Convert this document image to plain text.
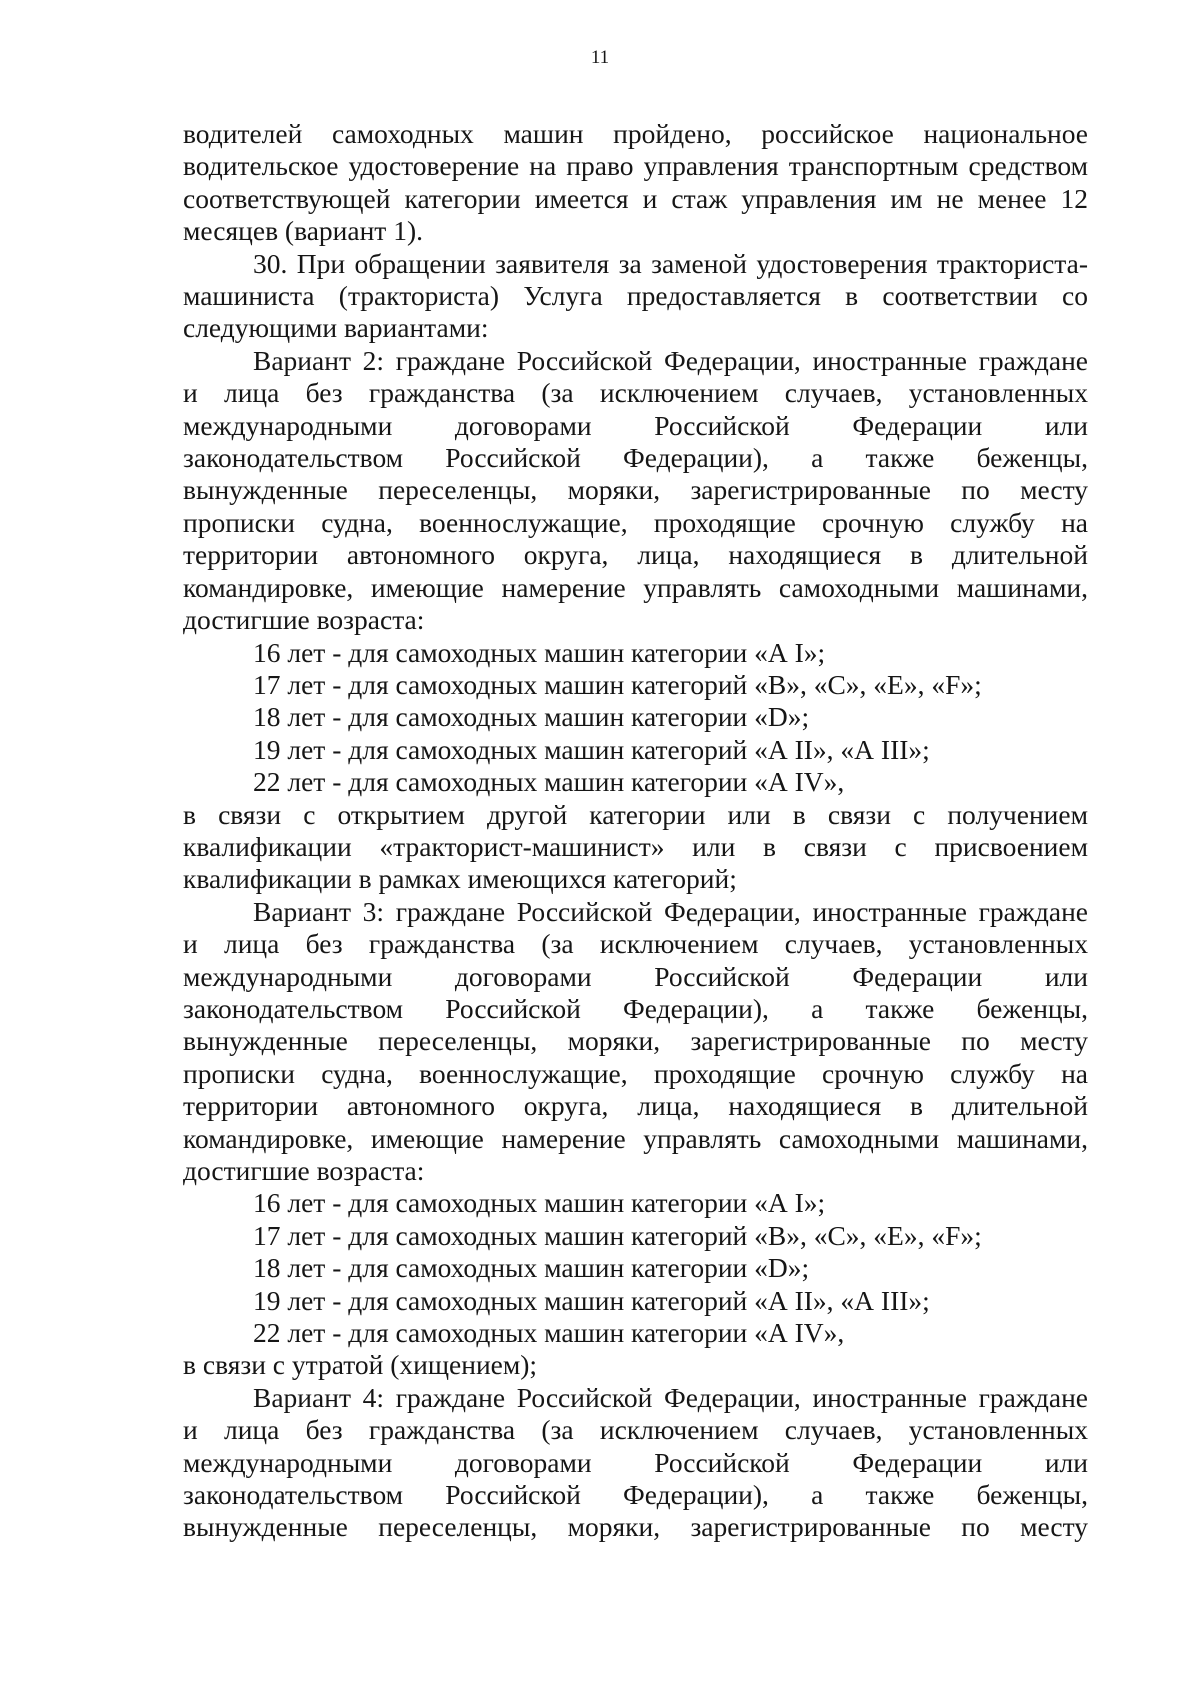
11
водителей самоходных машин пройдено, российское национальное
водительское удостоверение на право управления транспортным средством
соответствующей категории имеется и стаж управления им не менее 12
месяцев (вариант 1).
30. При обращении заявителя за заменой удостоверения тракториста-
машиниста (тракториста) Услуга предоставляется в соответствии со
следующими вариантами:
Вариант 2: граждане Российской Федерации, иностранные граждане
и лица без гражданства (за исключением случаев, установленных
международными договорами Российской Федерации или
законодательством Российской Федерации), а также беженцы,
вынужденные переселенцы, моряки, зарегистрированные по месту
прописки судна, военнослужащие, проходящие срочную службу на
территории автономного округа, лица, находящиеся в длительной
командировке, имеющие намерение управлять самоходными машинами,
достигшие возраста:
16 лет - для самоходных машин категории «А I»;
17 лет - для самоходных машин категорий «В», «С», «Е», «F»;
18 лет - для самоходных машин категории «D»;
19 лет - для самоходных машин категорий «А II», «А III»;
22 лет - для самоходных машин категории «А IV»,
в связи с открытием другой категории или в связи с получением
квалификации «тракторист-машинист» или в связи с присвоением
квалификации в рамках имеющихся категорий;
Вариант 3: граждане Российской Федерации, иностранные граждане
и лица без гражданства (за исключением случаев, установленных
международными договорами Российской Федерации или
законодательством Российской Федерации), а также беженцы,
вынужденные переселенцы, моряки, зарегистрированные по месту
прописки судна, военнослужащие, проходящие срочную службу на
территории автономного округа, лица, находящиеся в длительной
командировке, имеющие намерение управлять самоходными машинами,
достигшие возраста:
16 лет - для самоходных машин категории «А I»;
17 лет - для самоходных машин категорий «В», «С», «Е», «F»;
18 лет - для самоходных машин категории «D»;
19 лет - для самоходных машин категорий «А II», «А III»;
22 лет - для самоходных машин категории «А IV»,
в связи с утратой (хищением);
Вариант 4: граждане Российской Федерации, иностранные граждане
и лица без гражданства (за исключением случаев, установленных
международными договорами Российской Федерации или
законодательством Российской Федерации), а также беженцы,
вынужденные переселенцы, моряки, зарегистрированные по месту
